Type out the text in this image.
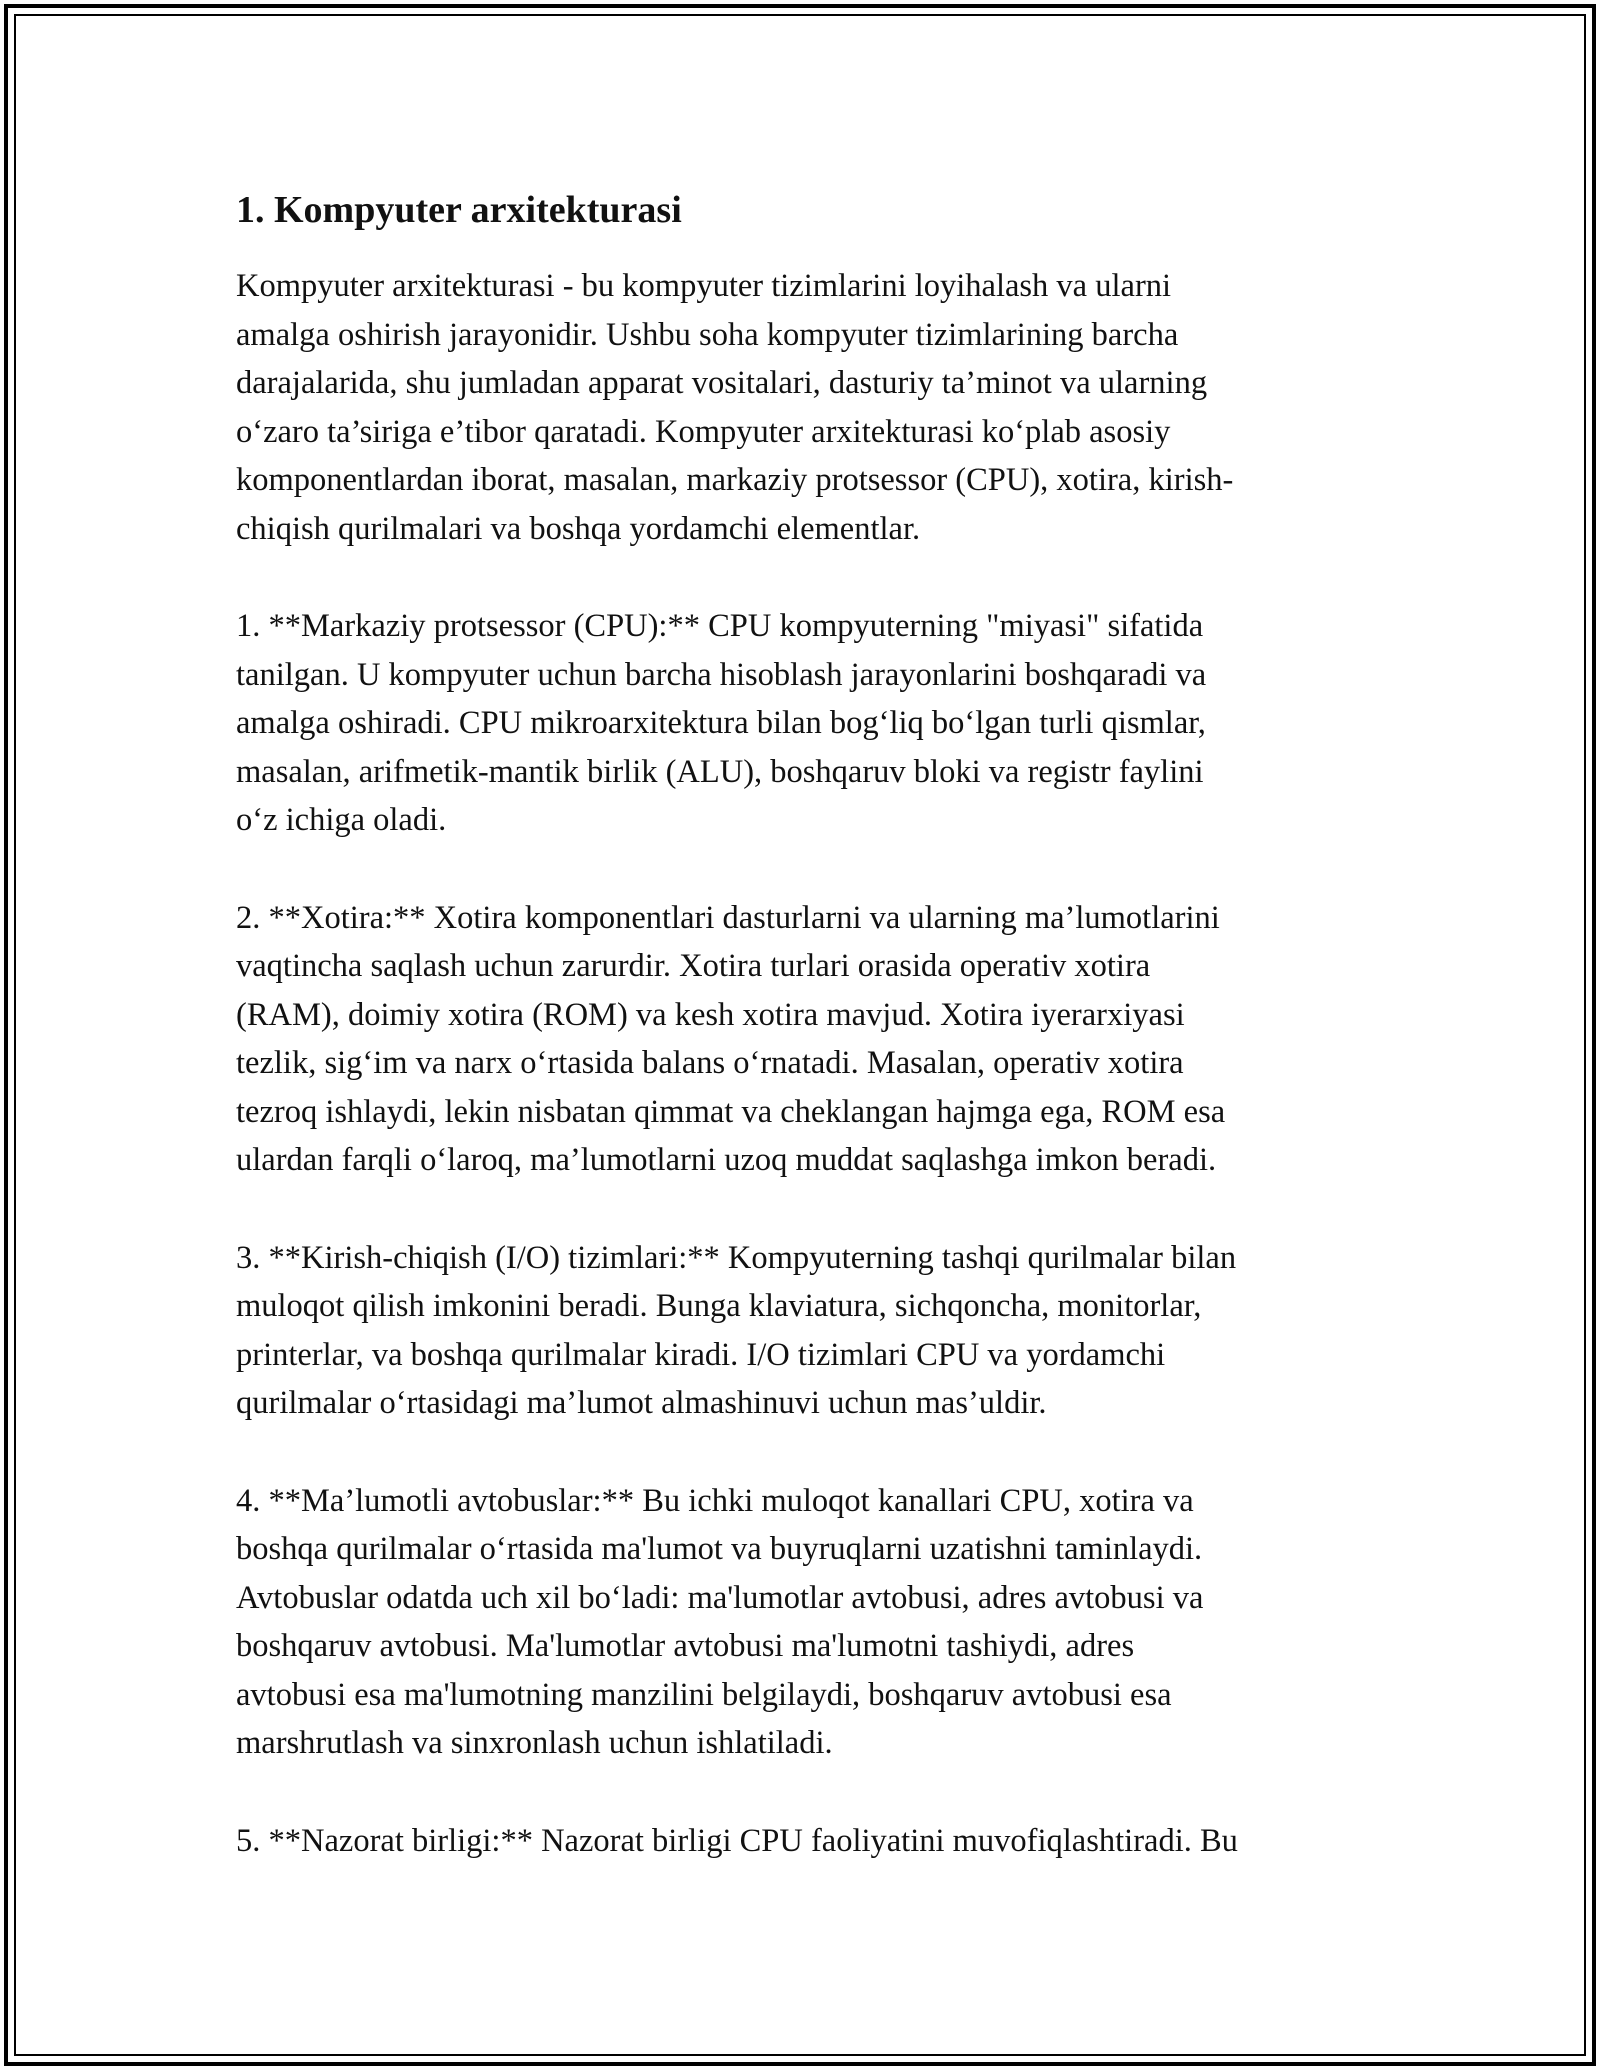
1. Kompyuter arxitekturasi

Kompyuter arxitekturasi - bu kompyuter tizimlarini loyihalash va ularni
amalga oshirish jarayonidir. Ushbu soha kompyuter tizimlarining barcha
darajalarida, shu jumladan apparat vositalari, dasturiy ta’minot va ularning
o‘zaro ta’siriga e’tibor qaratadi. Kompyuter arxitekturasi ko‘plab asosiy
komponentlardan iborat, masalan, markaziy protsessor (CPU), xotira, kirish-
chiqish qurilmalari va boshqa yordamchi elementlar.

1. **Markaziy protsessor (CPU):** CPU kompyuterning "miyasi" sifatida
tanilgan. U kompyuter uchun barcha hisoblash jarayonlarini boshqaradi va
amalga oshiradi. CPU mikroarxitektura bilan bog‘liq bo‘lgan turli qismlar,
masalan, arifmetik-mantik birlik (ALU), boshqaruv bloki va registr faylini
o‘z ichiga oladi.

2. **Xotira:** Xotira komponentlari dasturlarni va ularning ma’lumotlarini
vaqtincha saqlash uchun zarurdir. Xotira turlari orasida operativ xotira
(RAM), doimiy xotira (ROM) va kesh xotira mavjud. Xotira iyerarxiyasi
tezlik, sig‘im va narx o‘rtasida balans o‘rnatadi. Masalan, operativ xotira
tezroq ishlaydi, lekin nisbatan qimmat va cheklangan hajmga ega, ROM esa
ulardan farqli o‘laroq, ma’lumotlarni uzoq muddat saqlashga imkon beradi.

3. **Kirish-chiqish (I/O) tizimlari:** Kompyuterning tashqi qurilmalar bilan
muloqot qilish imkonini beradi. Bunga klaviatura, sichqoncha, monitorlar,
printerlar, va boshqa qurilmalar kiradi. I/O tizimlari CPU va yordamchi
qurilmalar o‘rtasidagi ma’lumot almashinuvi uchun mas’uldir.

4. **Ma’lumotli avtobuslar:** Bu ichki muloqot kanallari CPU, xotira va
boshqa qurilmalar o‘rtasida ma'lumot va buyruqlarni uzatishni taminlaydi.
Avtobuslar odatda uch xil bo‘ladi: ma'lumotlar avtobusi, adres avtobusi va
boshqaruv avtobusi. Ma'lumotlar avtobusi ma'lumotni tashiydi, adres
avtobusi esa ma'lumotning manzilini belgilaydi, boshqaruv avtobusi esa
marshrutlash va sinxronlash uchun ishlatiladi.

5. **Nazorat birligi:** Nazorat birligi CPU faoliyatini muvofiqlashtiradi. Bu
